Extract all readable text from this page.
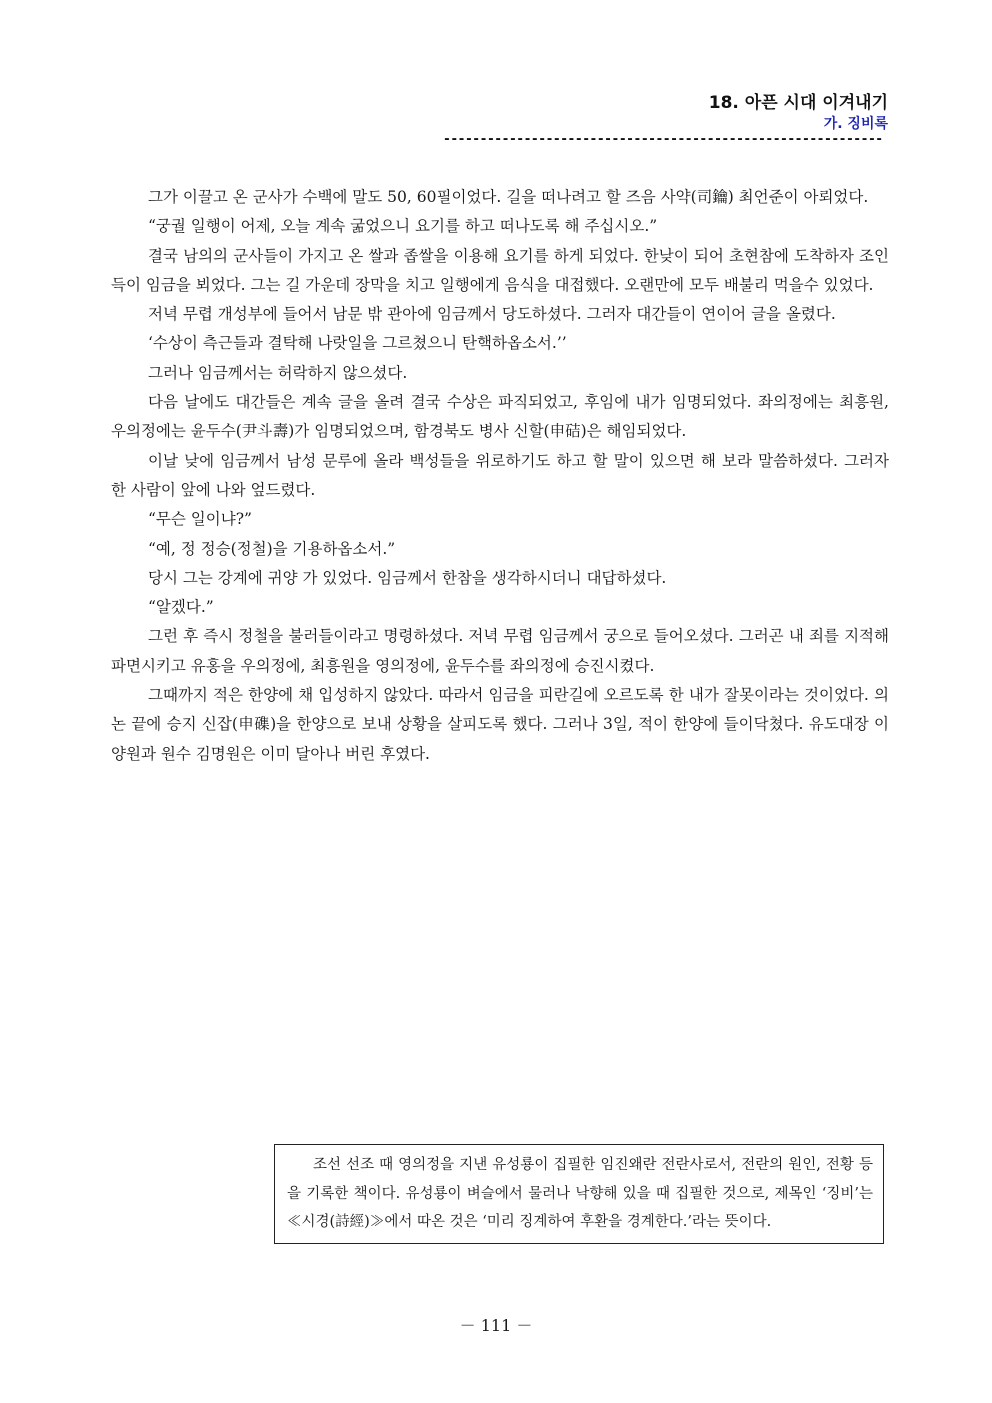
18. 아픈 시대 이겨내기
가. 징비록
------------------------------------------------------------

그가 이끌고 온 군사가 수백에 말도 50, 60필이었다. 길을 떠나려고 할 즈음 사약(司鑰) 최언준이 아뢰었다.

“궁궐 일행이 어제, 오늘 계속 굶었으니 요기를 하고 떠나도록 해 주십시오.”

결국 남의의 군사들이 가지고 온 쌀과 좁쌀을 이용해 요기를 하게 되었다. 한낮이 되어 초현참에 도착하자 조인득이 임금을 뵈었다. 그는 길 가운데 장막을 치고 일행에게 음식을 대접했다. 오랜만에 모두 배불리 먹을수 있었다.

저녁 무렵 개성부에 들어서 남문 밖 관아에 임금께서 당도하셨다. 그러자 대간들이 연이어 글을 올렸다.

‘수상이 측근들과 결탁해 나랏일을 그르쳤으니 탄핵하옵소서.’’

그러나 임금께서는 허락하지 않으셨다.

다음 날에도 대간들은 계속 글을 올려 결국 수상은 파직되었고, 후임에 내가 임명되었다. 좌의정에는 최흥원, 우의정에는 윤두수(尹斗壽)가 임명되었으며, 함경북도 병사 신할(申硈)은 해임되었다.

이날 낮에 임금께서 남성 문루에 올라 백성들을 위로하기도 하고 할 말이 있으면 해 보라 말씀하셨다. 그러자 한 사람이 앞에 나와 엎드렸다.

“무슨 일이냐?”

“예, 정 정승(정철)을 기용하옵소서.”

당시 그는 강계에 귀양 가 있었다. 임금께서 한참을 생각하시더니 대답하셨다.

“알겠다.”

그런 후 즉시 정철을 불러들이라고 명령하셨다. 저녁 무렵 임금께서 궁으로 들어오셨다. 그러곤 내 죄를 지적해 파면시키고 유홍을 우의정에, 최흥원을 영의정에, 윤두수를 좌의정에 승진시켰다.

그때까지 적은 한양에 채 입성하지 않았다. 따라서 임금을 피란길에 오르도록 한 내가 잘못이라는 것이었다. 의논 끝에 승지 신잡(申磼)을 한양으로 보내 상황을 살피도록 했다. 그러나 3일, 적이 한양에 들이닥쳤다. 유도대장 이양원과 원수 김명원은 이미 달아나 버린 후였다.

조선 선조 때 영의정을 지낸 유성룡이 집필한 임진왜란 전란사로서, 전란의 원인, 전황 등을 기록한 책이다. 유성룡이 벼슬에서 물러나 낙향해 있을 때 집필한 것으로, 제목인 ‘징비’는 ≪시경(詩經)≫에서 따온 것은 ‘미리 징계하여 후환을 경계한다.’라는 뜻이다.
－ 111 －
